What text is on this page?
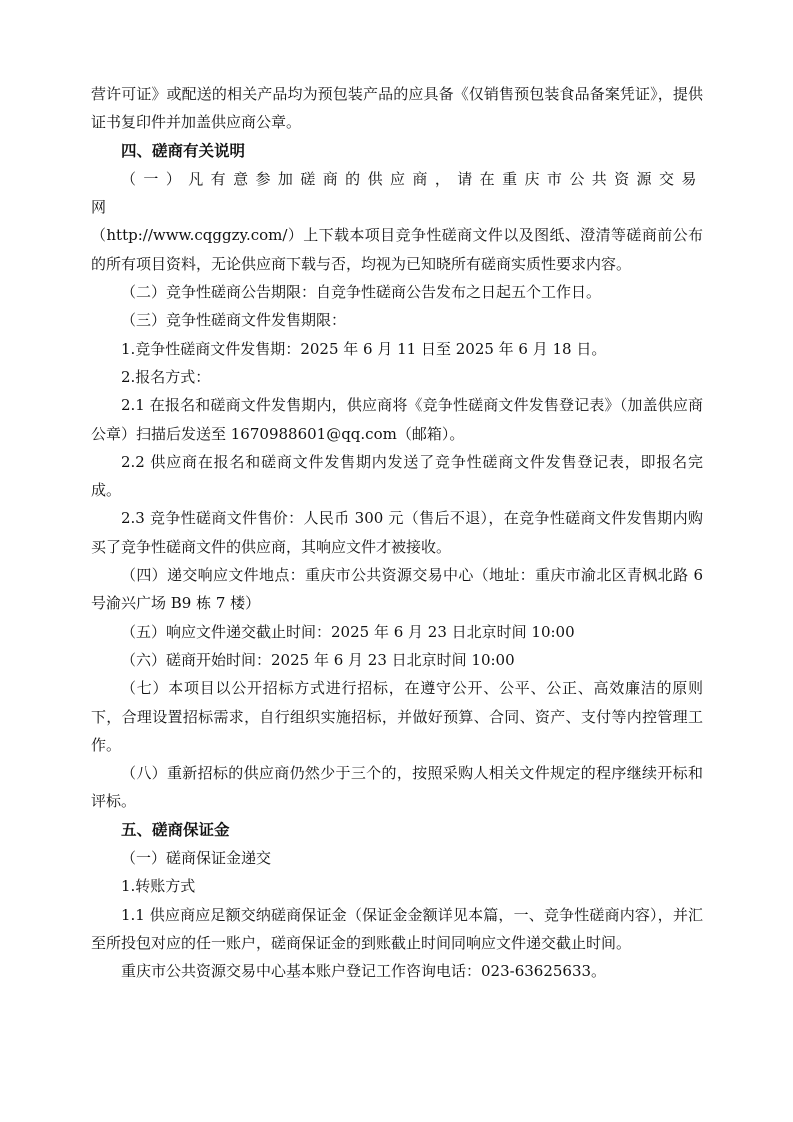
营许可证》或配送的相关产品均为预包装产品的应具备《仅销售预包装食品备案凭证》，提供证书复印件并加盖供应商公章。

四、磋商有关说明

（一）凡有意参加磋商的供应商，请在重庆市公共资源交易网

（http://www.cqggzy.com/）上下载本项目竞争性磋商文件以及图纸、澄清等磋商前公布的所有项目资料，无论供应商下载与否，均视为已知晓所有磋商实质性要求内容。

（二）竞争性磋商公告期限：自竞争性磋商公告发布之日起五个工作日。

（三）竞争性磋商文件发售期限：

1.竞争性磋商文件发售期：2025 年 6 月 11 日至 2025 年 6 月 18 日。

2.报名方式：

2.1 在报名和磋商文件发售期内，供应商将《竞争性磋商文件发售登记表》（加盖供应商公章）扫描后发送至 1670988601@qq.com（邮箱）。

2.2 供应商在报名和磋商文件发售期内发送了竞争性磋商文件发售登记表，即报名完成。

2.3 竞争性磋商文件售价：人民币 300 元（售后不退），在竞争性磋商文件发售期内购买了竞争性磋商文件的供应商，其响应文件才被接收。

（四）递交响应文件地点：重庆市公共资源交易中心（地址：重庆市渝北区青枫北路 6 号渝兴广场 B9 栋 7 楼）

（五）响应文件递交截止时间：2025 年 6 月 23 日北京时间 10:00

（六）磋商开始时间：2025 年 6 月 23 日北京时间 10:00

（七）本项目以公开招标方式进行招标，在遵守公开、公平、公正、高效廉洁的原则下，合理设置招标需求，自行组织实施招标，并做好预算、合同、资产、支付等内控管理工作。

（八）重新招标的供应商仍然少于三个的，按照采购人相关文件规定的程序继续开标和评标。

五、磋商保证金

（一）磋商保证金递交

1.转账方式

1.1 供应商应足额交纳磋商保证金（保证金金额详见本篇，一、竞争性磋商内容），并汇至所投包对应的任一账户，磋商保证金的到账截止时间同响应文件递交截止时间。

重庆市公共资源交易中心基本账户登记工作咨询电话：023-63625633。
